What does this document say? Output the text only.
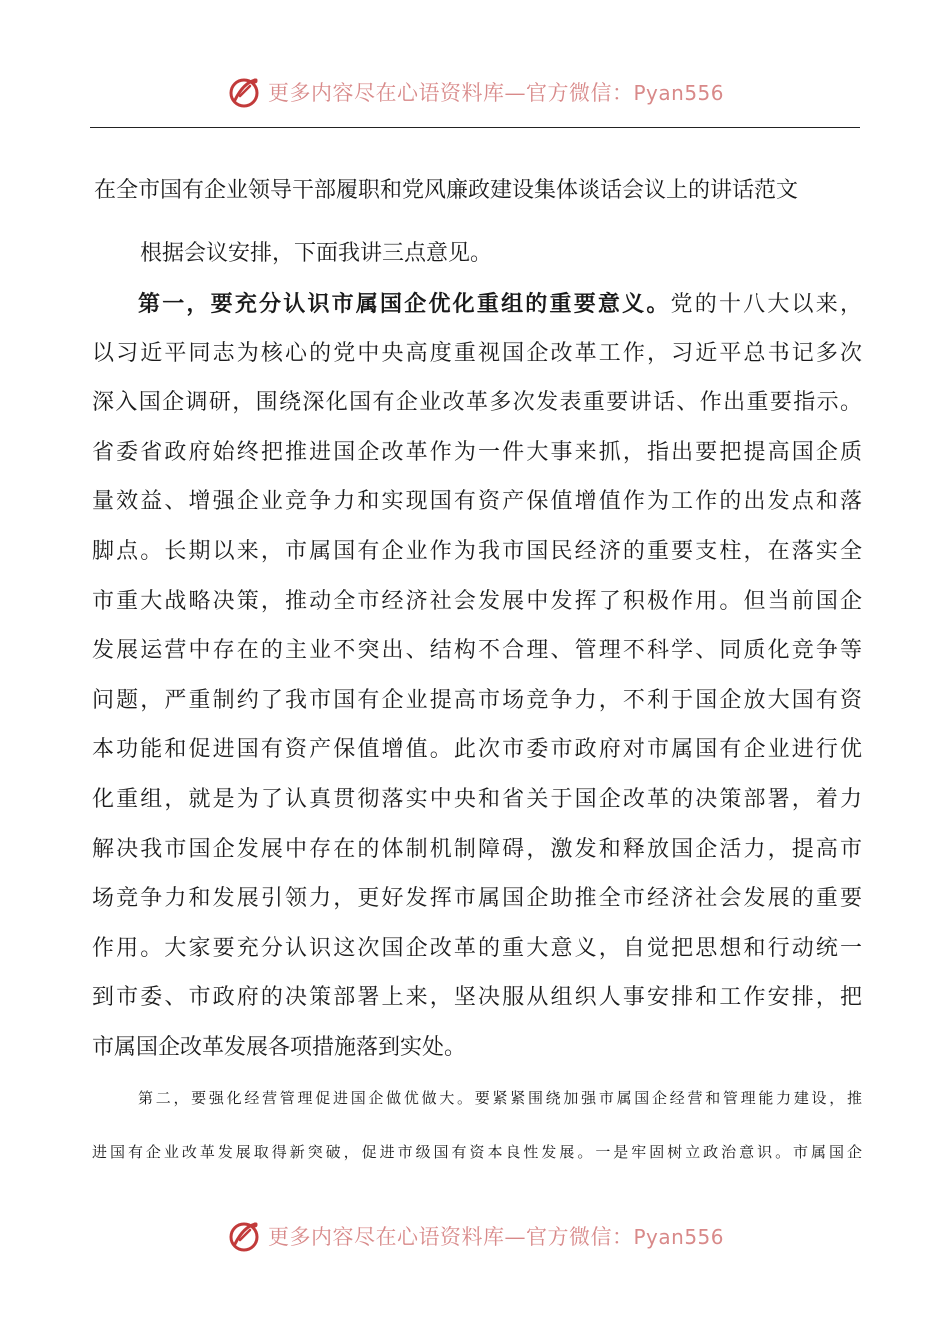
更多内容尽在心语资料库—官方微信：Pyan556
在全市国有企业领导干部履职和党风廉政建设集体谈话会议上的讲话范文
根据会议安排，下面我讲三点意见。
第一，要充分认识市属国企优化重组的重要意义。党的十八大以来，
以习近平同志为核心的党中央高度重视国企改革工作，习近平总书记多次
深入国企调研，围绕深化国有企业改革多次发表重要讲话、作出重要指示。
省委省政府始终把推进国企改革作为一件大事来抓，指出要把提高国企质
量效益、增强企业竞争力和实现国有资产保值增值作为工作的出发点和落
脚点。长期以来，市属国有企业作为我市国民经济的重要支柱，在落实全
市重大战略决策，推动全市经济社会发展中发挥了积极作用。但当前国企
发展运营中存在的主业不突出、结构不合理、管理不科学、同质化竞争等
问题，严重制约了我市国有企业提高市场竞争力，不利于国企放大国有资
本功能和促进国有资产保值增值。此次市委市政府对市属国有企业进行优
化重组，就是为了认真贯彻落实中央和省关于国企改革的决策部署，着力
解决我市国企发展中存在的体制机制障碍，激发和释放国企活力，提高市
场竞争力和发展引领力，更好发挥市属国企助推全市经济社会发展的重要
作用。大家要充分认识这次国企改革的重大意义，自觉把思想和行动统一
到市委、市政府的决策部署上来，坚决服从组织人事安排和工作安排，把
市属国企改革发展各项措施落到实处。
第二，要强化经营管理促进国企做优做大。要紧紧围绕加强市属国企经营和管理能力建设，推
进国有企业改革发展取得新突破，促进市级国有资本良性发展。一是牢固树立政治意识。市属国企
更多内容尽在心语资料库—官方微信：Pyan556
